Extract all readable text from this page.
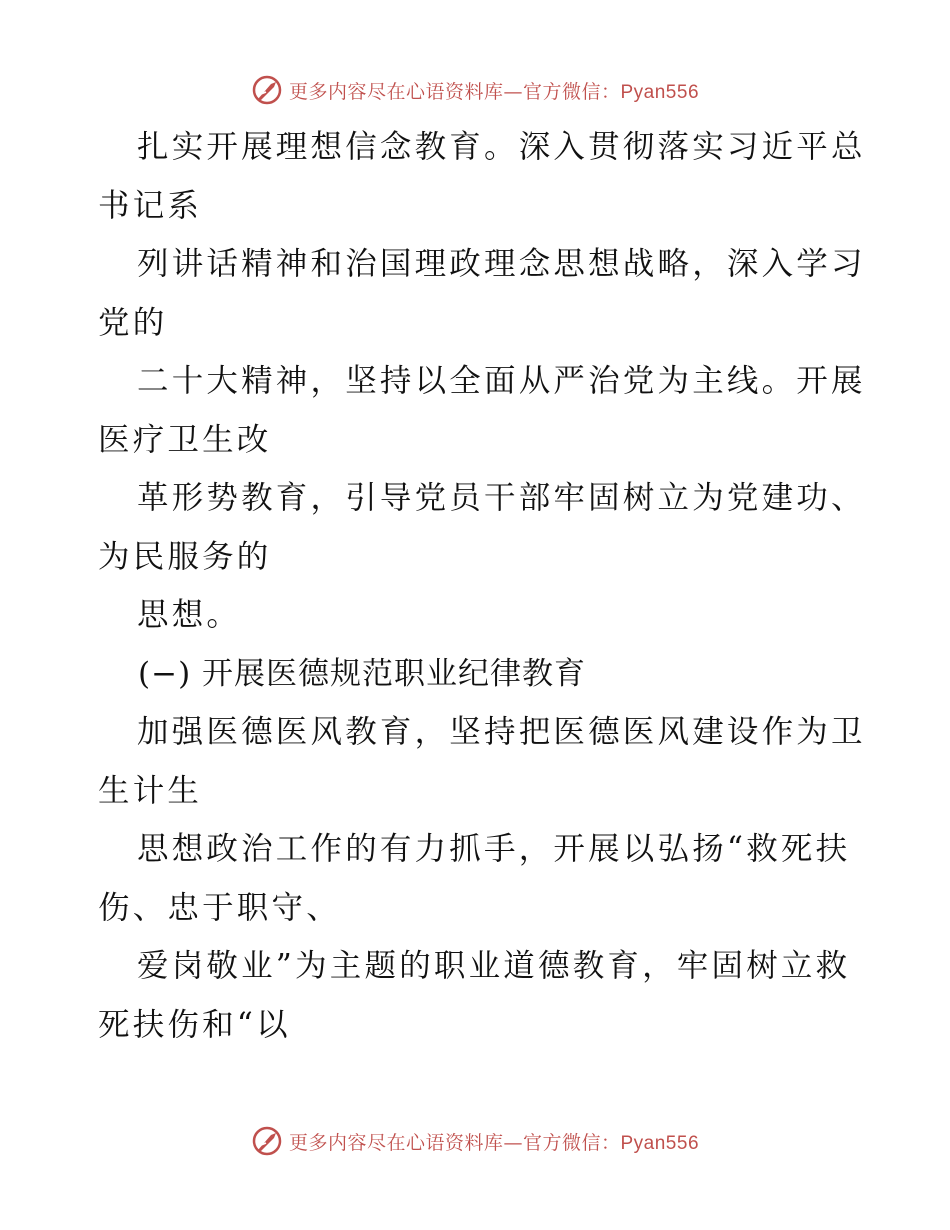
更多内容尽在心语资料库—官方微信：Pyan556
扎实开展理想信念教育。深入贯彻落实习近平总
书记系
列讲话精神和治国理政理念思想战略，深入学习
党的
二十大精神，坚持以全面从严治党为主线。开展
医疗卫生改
革形势教育，引导党员干部牢固树立为党建功、
为民服务的
思想。
(−) 开展医德规范职业纪律教育
加强医德医风教育，坚持把医德医风建设作为卫
生计生
思想政治工作的有力抓手，开展以弘扬“救死扶
伤、忠于职守、
爱岗敬业”为主题的职业道德教育，牢固树立救
死扶伤和“以
更多内容尽在心语资料库—官方微信：Pyan556
